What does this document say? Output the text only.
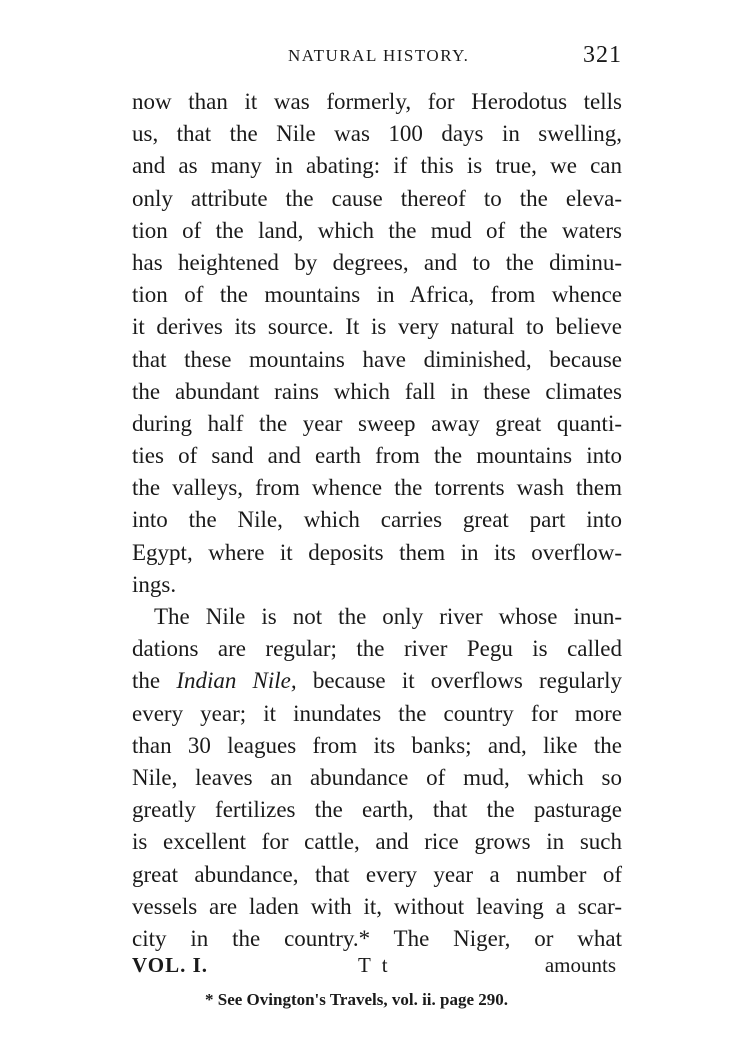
NATURAL HISTORY.	321
now than it was formerly, for Herodotus tells
us, that the Nile was 100 days in swelling,
and as many in abating: if this is true, we can
only attribute the cause thereof to the eleva-
tion of the land, which the mud of the waters
has heightened by degrees, and to the diminu-
tion of the mountains in Africa, from whence
it derives its source. It is very natural to believe
that these mountains have diminished, because
the abundant rains which fall in these climates
during half the year sweep away great quanti-
ties of sand and earth from the mountains into
the valleys, from whence the torrents wash them
into the Nile, which carries great part into
Egypt, where it deposits them in its overflow-
ings.
The Nile is not the only river whose inun-
dations are regular; the river Pegu is called
the Indian Nile, because it overflows regularly
every year; it inundates the country for more
than 30 leagues from its banks; and, like the
Nile, leaves an abundance of mud, which so
greatly fertilizes the earth, that the pasturage
is excellent for cattle, and rice grows in such
great abundance, that every year a number of
vessels are laden with it, without leaving a scar-
city in the country.* The Niger, or what
VOL. I.	T t	amounts
* See Ovington's Travels, vol. ii. page 290.
